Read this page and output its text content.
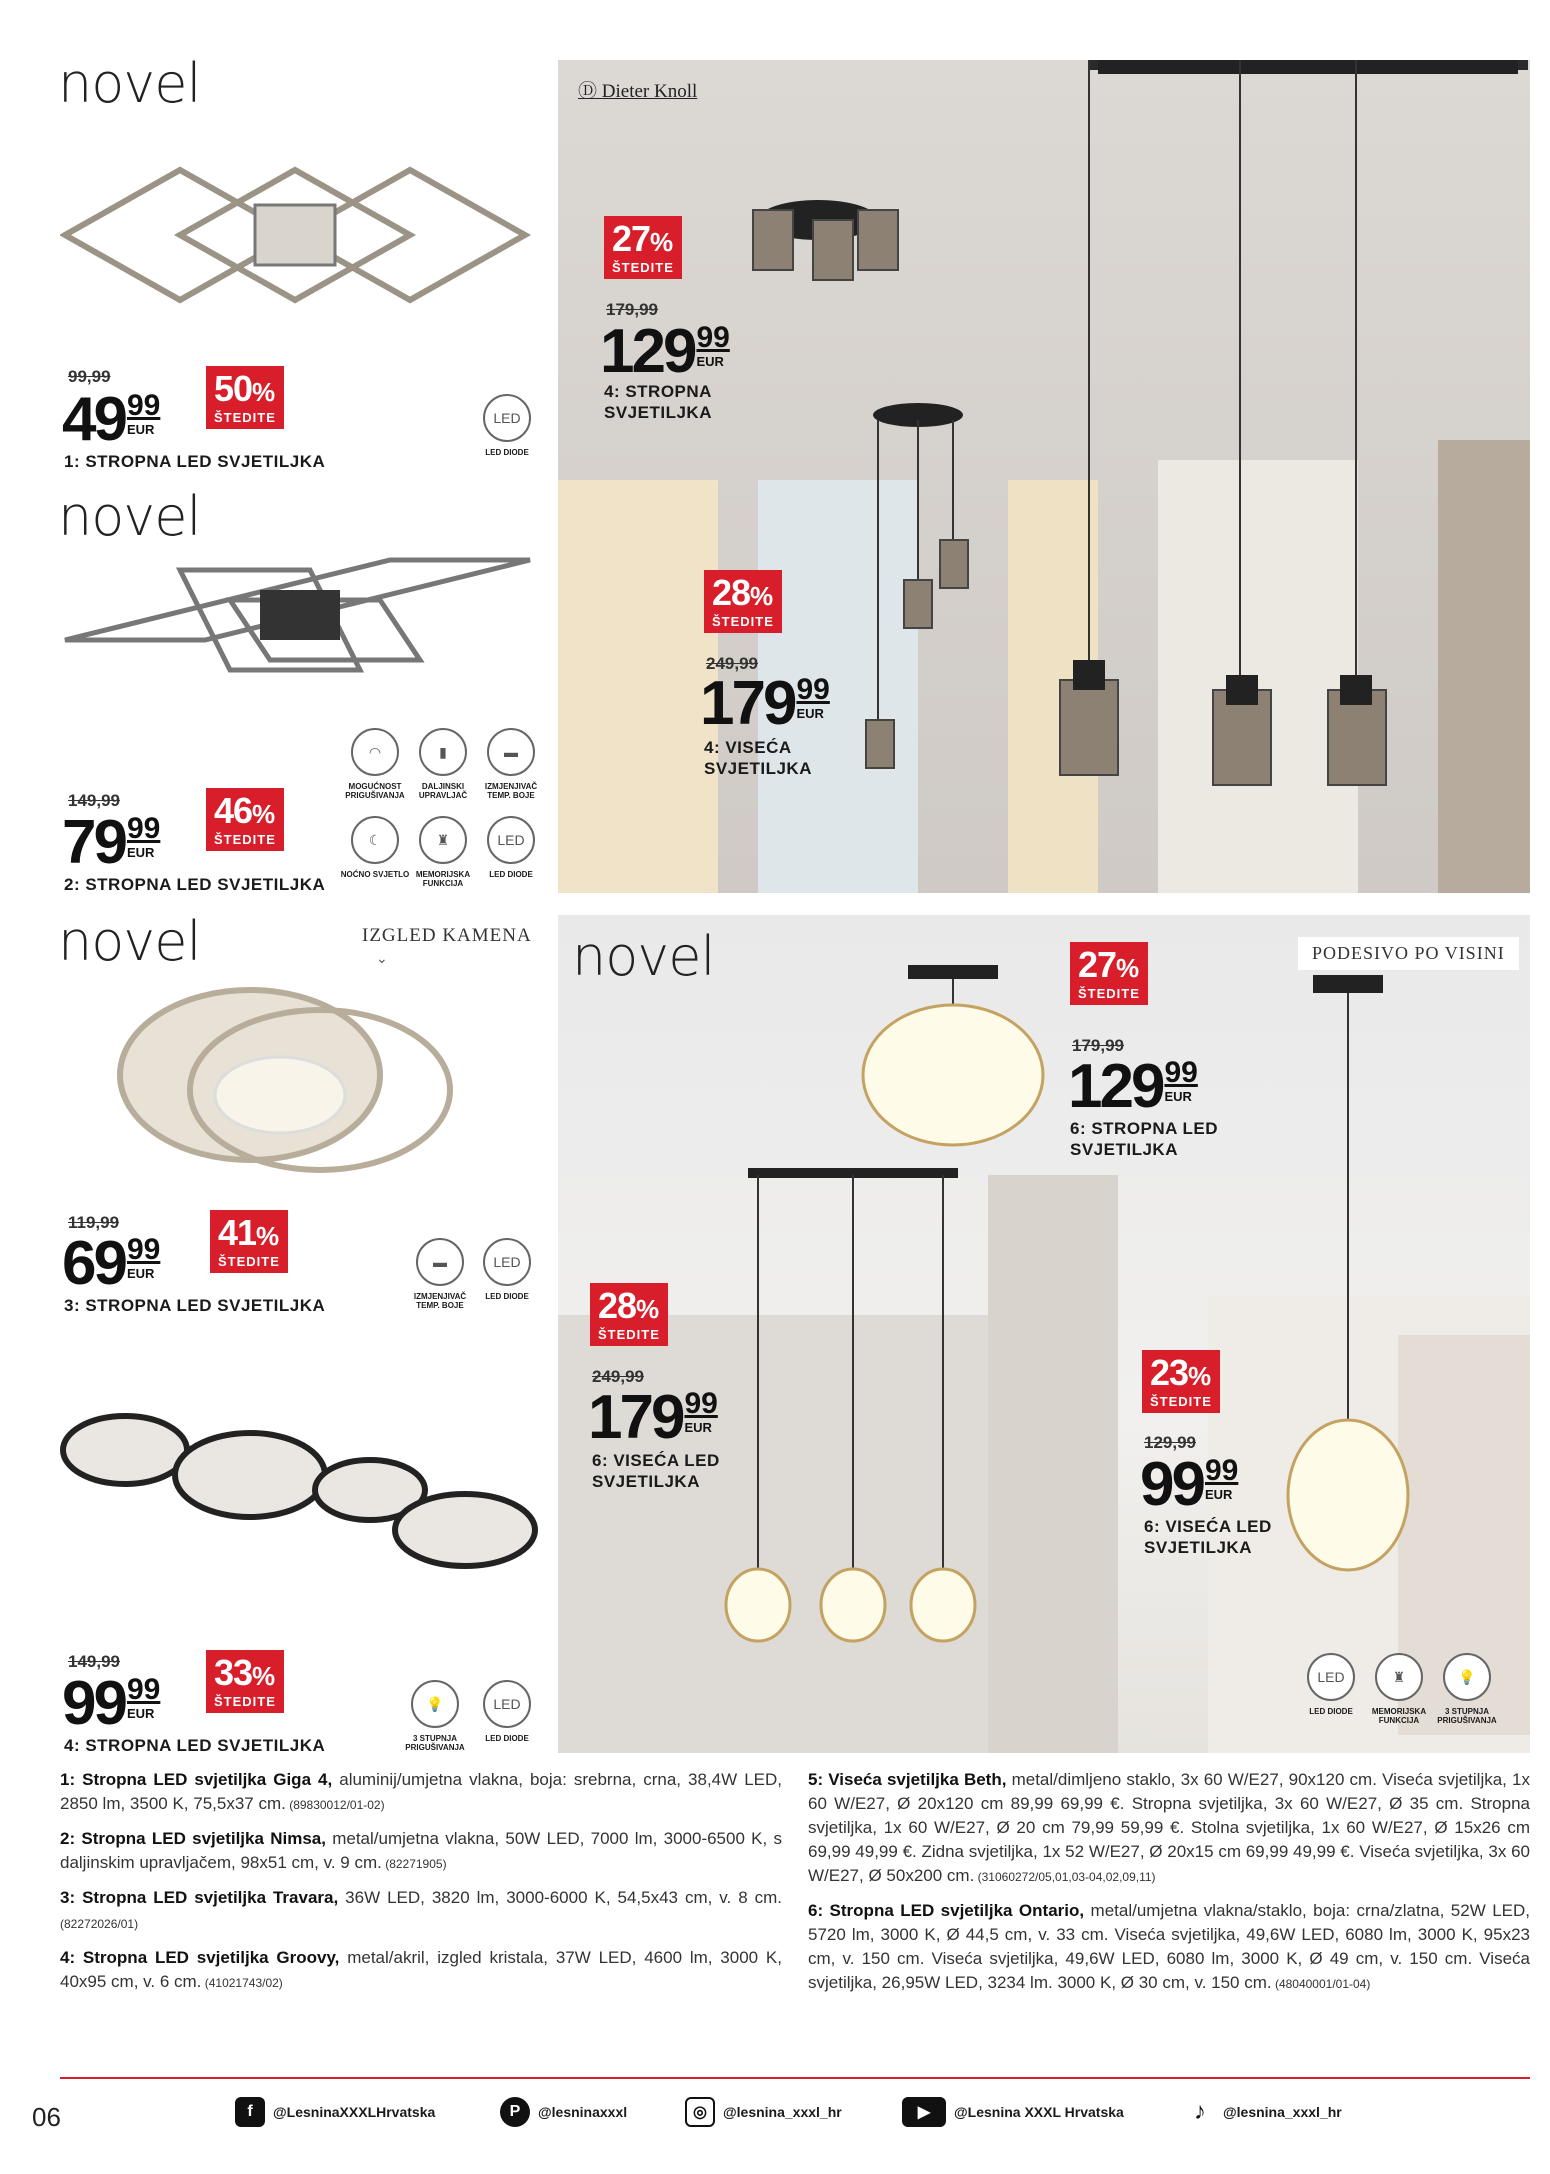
novel
99,99
49 99
EUR
50%
ŠTEDITE
1: STROPNA LED SVJETILJKA
LED
LED DIODE
novel
◠
MOGUĆNOST PRIGUŠIVANJA
▮
DALJINSKI UPRAVLJAČ
▬
IZMJENJIVAČ TEMP. BOJE
149,99
79 99
EUR
46%
ŠTEDITE
2: STROPNA LED SVJETILJKA
☾
NOĆNO SVJETLO
♜
MEMORIJSKA FUNKCIJA
LED
LED DIODE
novel	IZGLED KAMENA
⌄
119,99
69 99
EUR
41%
ŠTEDITE
3: STROPNA LED SVJETILJKA
▬
IZMJENJIVAČ TEMP. BOJE
LED
LED DIODE
149,99
99 99
EUR
33%
ŠTEDITE
4: STROPNA LED SVJETILJKA
💡
3 STUPNJA PRIGUŠIVANJA
LED
LED DIODE
Ⓓ Dieter Knoll
27%
ŠTEDITE
179,99
129 99
EUR
4: STROPNA
SVJETILJKA
28%
ŠTEDITE
249,99
179 99
EUR
4: VISEĆA
SVJETILJKA
novel	PODESIVO PO VISINI
27%
ŠTEDITE
179,99
129 99
EUR
6: STROPNA LED
SVJETILJKA
28%
ŠTEDITE
249,99
179 99
EUR
6: VISEĆA LED
SVJETILJKA
23%
ŠTEDITE
129,99
99 99
EUR
6: VISEĆA LED
SVJETILJKA
LED
LED DIODE
♜
MEMORIJSKA FUNKCIJA
💡
3 STUPNJA PRIGUŠIVANJA

1: Stropna LED svjetiljka Giga 4, aluminij/umjetna vlakna, boja: srebrna, crna, 38,4W LED, 2850 lm, 3500 K, 75,5x37 cm. (89830012/01-02)

2: Stropna LED svjetiljka Nimsa, metal/umjetna vlakna, 50W LED, 7000 lm, 3000-6500 K, s daljinskim upravljačem, 98x51 cm, v. 9 cm. (82271905)

3: Stropna LED svjetiljka Travara, 36W LED, 3820 lm, 3000-6000 K, 54,5x43 cm, v. 8 cm. (82272026/01)

4: Stropna LED svjetiljka Groovy, metal/akril, izgled kristala, 37W LED, 4600 lm, 3000 K, 40x95 cm, v. 6 cm. (41021743/02)

5: Viseća svjetiljka Beth, metal/dimljeno staklo, 3x 60 W/E27, 90x120 cm. Viseća svjetiljka, 1x 60 W/E27, Ø 20x120 cm 89,99 69,99 €. Stropna svjetiljka, 3x 60 W/E27, Ø 35 cm. Stropna svjetiljka, 1x 60 W/E27, Ø 20 cm 79,99 59,99 €. Stolna svjetiljka, 1x 60 W/E27, Ø 15x26 cm 69,99 49,99 €. Zidna svjetiljka, 1x 52 W/E27, Ø 20x15 cm 69,99 49,99 €. Viseća svjetiljka, 3x 60 W/E27, Ø 50x200 cm. (31060272/05,01,03-04,02,09,11)

6: Stropna LED svjetiljka Ontario, metal/umjetna vlakna/staklo, boja: crna/zlatna, 52W LED, 5720 lm, 3000 K, Ø 44,5 cm, v. 33 cm. Viseća svjetiljka, 49,6W LED, 6080 lm, 3000 K, 95x23 cm, v. 150 cm. Viseća svjetiljka, 49,6W LED, 6080 lm, 3000 K, Ø 49 cm, v. 150 cm. Viseća svjetiljka, 26,95W LED, 3234 lm. 3000 K, Ø 30 cm, v. 150 cm. (48040001/01-04)

06	f	@LesninaXXXLHrvatska	P	@lesninaxxxl	◎	@lesnina_xxxl_hr	▶	@Lesnina XXXL Hrvatska	♪	@lesnina_xxxl_hr
